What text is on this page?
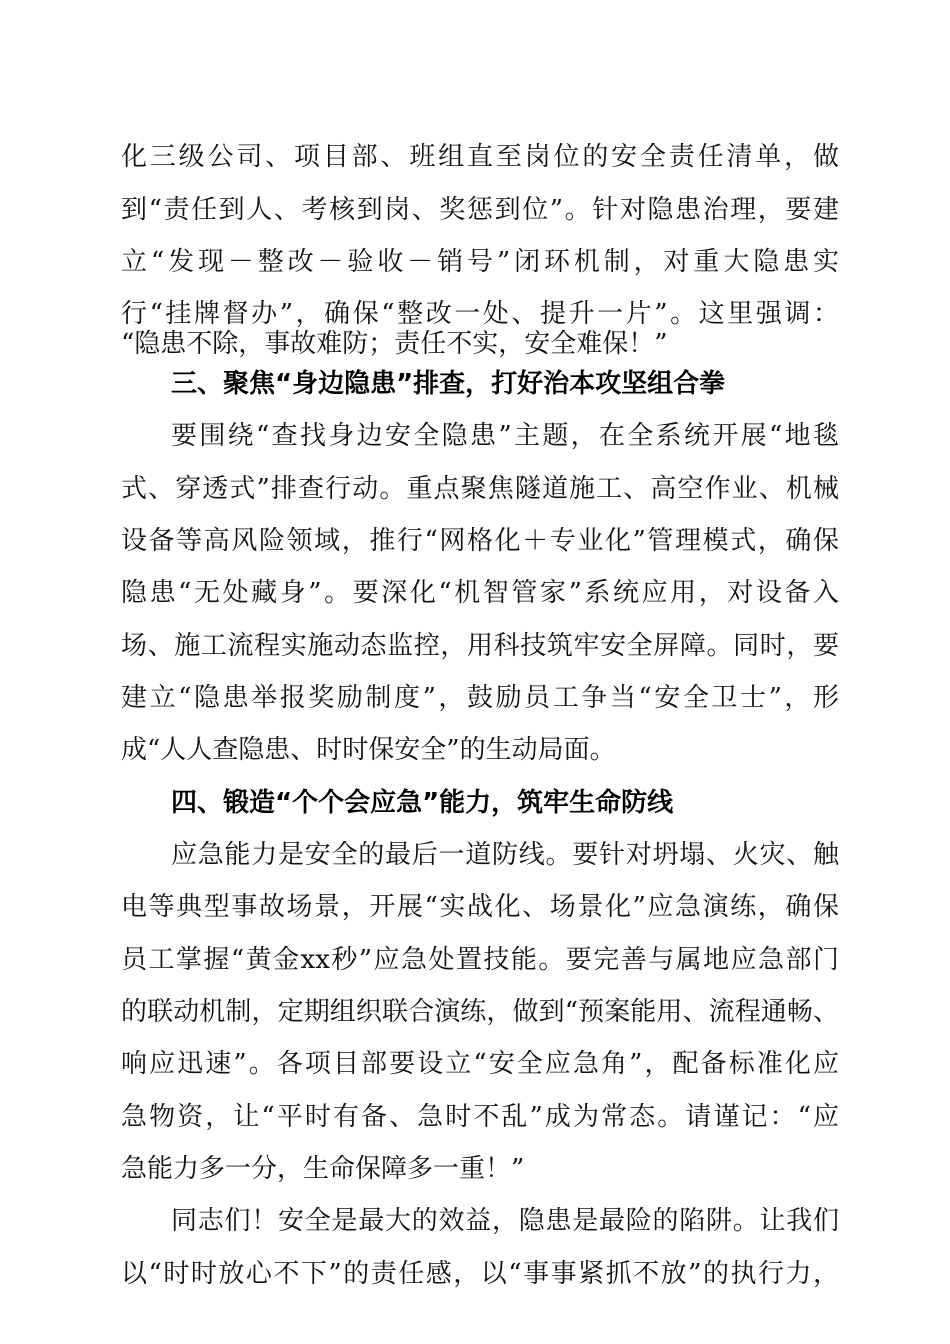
化三级公司、项目部、班组直至岗位的安全责任清单，做
到“责任到人、考核到岗、奖惩到位”。针对隐患治理，要建
立“发现－整改－验收－销号”闭环机制，对重大隐患实
行“挂牌督办”，确保“整改一处、提升一片”。这里强调：
“隐患不除，事故难防；责任不实，安全难保！”
三、聚焦“身边隐患”排查，打好治本攻坚组合拳
要围绕“查找身边安全隐患”主题，在全系统开展“地毯
式、穿透式”排查行动。重点聚焦隧道施工、高空作业、机械
设备等高风险领域，推行“网格化＋专业化”管理模式，确保
隐患“无处藏身”。要深化“机智管家”系统应用，对设备入
场、施工流程实施动态监控，用科技筑牢安全屏障。同时，要
建立“隐患举报奖励制度”，鼓励员工争当“安全卫士”，形
成“人人查隐患、时时保安全”的生动局面。
四、锻造“个个会应急”能力，筑牢生命防线
应急能力是安全的最后一道防线。要针对坍塌、火灾、触
电等典型事故场景，开展“实战化、场景化”应急演练，确保
员工掌握“黄金xx秒”应急处置技能。要完善与属地应急部门
的联动机制，定期组织联合演练，做到“预案能用、流程通畅、
响应迅速”。各项目部要设立“安全应急角”，配备标准化应
急物资，让“平时有备、急时不乱”成为常态。请谨记：“应
急能力多一分，生命保障多一重！”
同志们！安全是最大的效益，隐患是最险的陷阱。让我们
以“时时放心不下”的责任感，以“事事紧抓不放”的执行力，
